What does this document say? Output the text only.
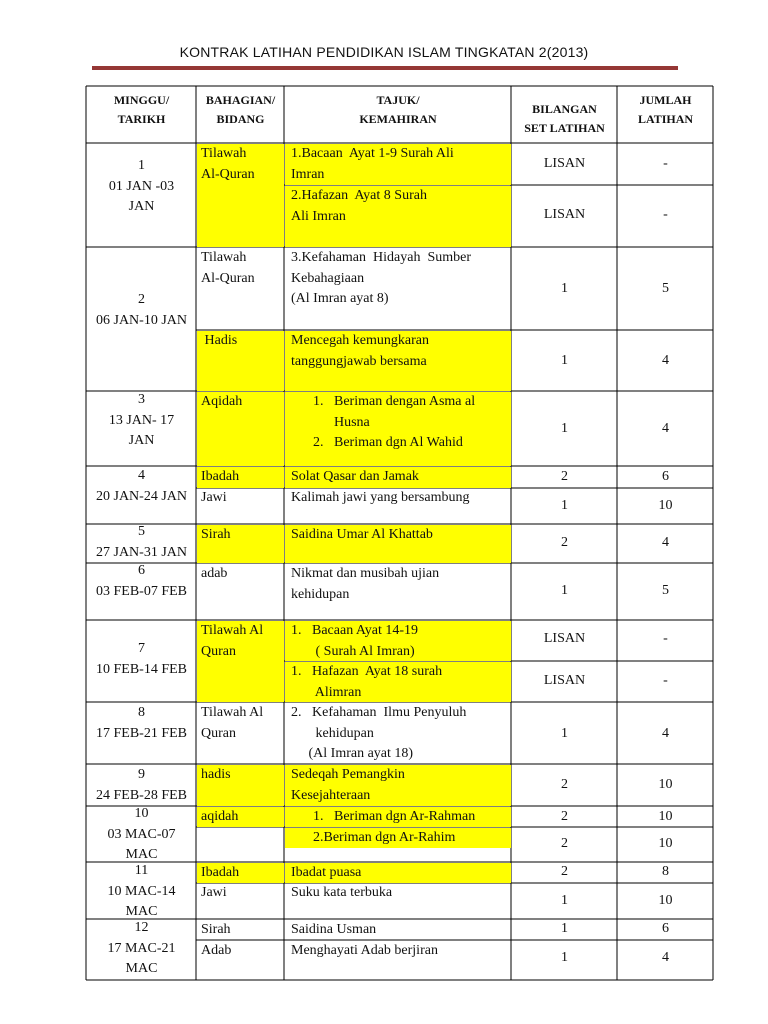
KONTRAK LATIHAN PENDIDIKAN ISLAM TINGKATAN 2(2013)
MINGGU/
TARIKH
BAHAGIAN/
BIDANG
TAJUK/
KEMAHIRAN
BILANGAN
SET LATIHAN
JUMLAH
LATIHAN
1
01 JAN -03
JAN
2
06 JAN-10 JAN
3
13 JAN- 17
JAN
4
20 JAN-24 JAN
5
27 JAN-31 JAN
6
03 FEB-07 FEB
7
10 FEB-14 FEB
8
17 FEB-21 FEB
9
24 FEB-28 FEB
10
03 MAC-07
MAC
11
10 MAC-14
MAC
12
17 MAC-21
MAC
Tilawah
Al-Quran
Tilawah
Al-Quran
Hadis
Aqidah
Ibadah
Jawi
Sirah
adab
Tilawah Al
Quran
Tilawah Al
Quran
hadis
aqidah
Ibadah
Jawi
Sirah
Adab
1.Bacaan  Ayat 1-9 Surah Ali
Imran
2.Hafazan  Ayat 8 Surah
Ali Imran
3.Kefahaman  Hidayah  Sumber
Kebahagiaan
(Al Imran ayat 8)
Mencegah kemungkaran
tanggungjawab bersama
1.   Beriman dengan Asma al
Husna
2.   Beriman dgn Al Wahid
Solat Qasar dan Jamak
Kalimah jawi yang bersambung
Saidina Umar Al Khattab
Nikmat dan musibah ujian
kehidupan
1.   Bacaan Ayat 14-19
( Surah Al Imran)
1.   Hafazan  Ayat 18 surah
Alimran
2.   Kefahaman  Ilmu Penyuluh
kehidupan
(Al Imran ayat 18)
Sedeqah Pemangkin
Kesejahteraan
1.   Beriman dgn Ar-Rahman
2.Beriman dgn Ar-Rahim
Ibadat puasa
Suku kata terbuka
Saidina Usman
Menghayati Adab berjiran
LISAN
LISAN
1
1
1
2
1
2
1
LISAN
LISAN
1
2
2
2
2
1
1
1
-
-
5
4
4
6
10
4
5
-
-
4
10
10
10
8
10
6
4
